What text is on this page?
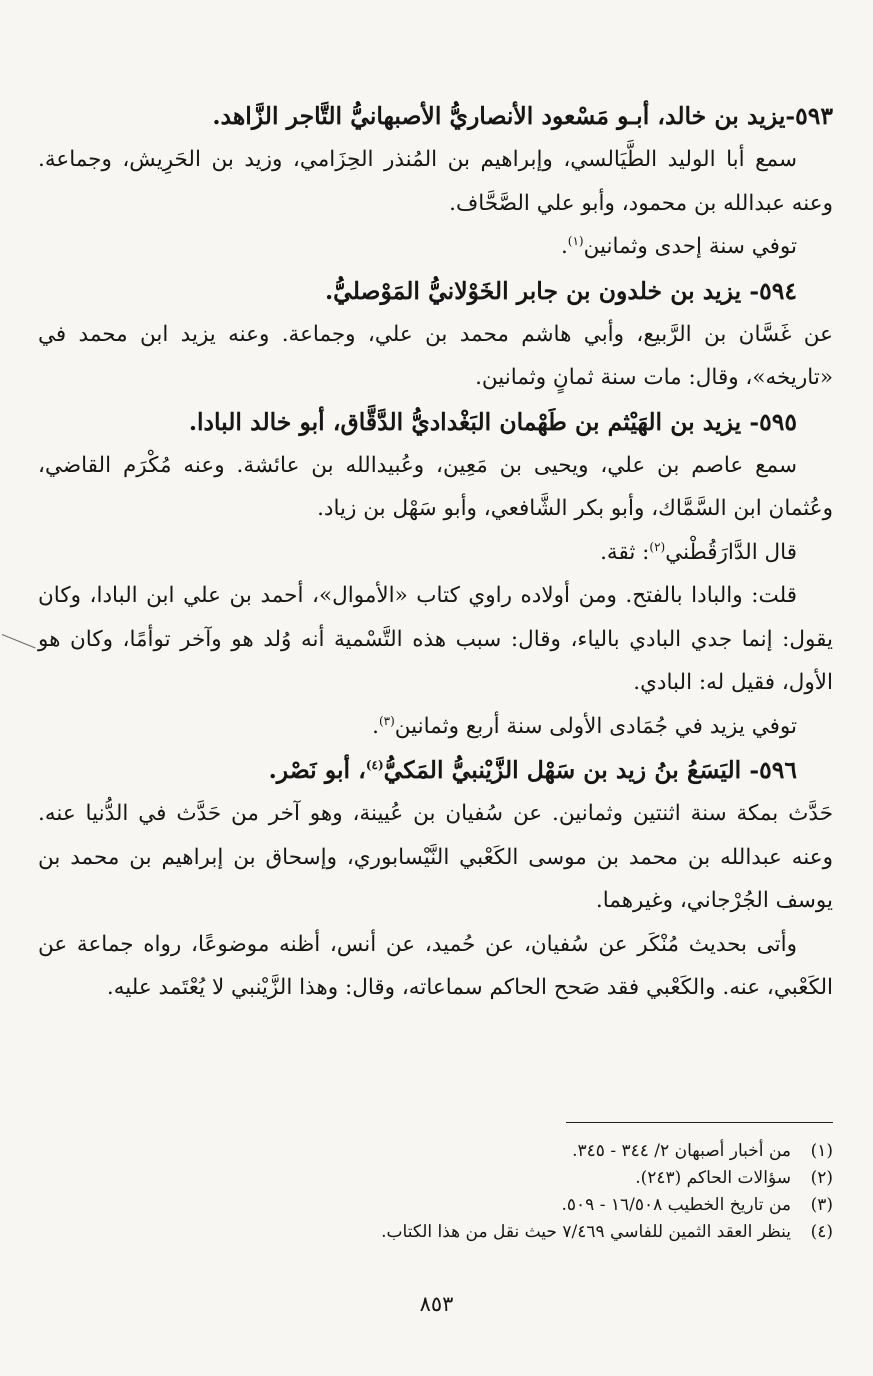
٥٩٣-يزيد بن خالد، أبـو مَسْعود الأنصاريُّ الأصبهانيُّ التَّاجر الزَّاهد.
سمع أبا الوليد الطَّيَالسي، وإبراهيم بن المُنذر الحِزَامي، وزيد بن الحَرِيش، وجماعة. وعنه عبدالله بن محمود، وأبو علي الصَّحَّاف.
توفي سنة إحدى وثمانين$^{(١)}$.
٥٩٤- يزيد بن خلدون بن جابر الخَوْلانيُّ المَوْصليُّ.
عن غَسَّان بن الرَّبيع، وأبي هاشم محمد بن علي، وجماعة. وعنه يزيد ابن محمد في «تاريخه»، وقال: مات سنة ثمانٍ وثمانين.
٥٩٥- يزيد بن الهَيْثم بن طَهْمان البَغْداديُّ الدَّقَّاق، أبو خالد البادا.
سمع عاصم بن علي، ويحيى بن مَعِين، وعُبيدالله بن عائشة. وعنه مُكْرَم القاضي، وعُثمان ابن السَّمَّاك، وأبو بكر الشَّافعي، وأبو سَهْل بن زياد.
قال الدَّارَقُطْني$^{(٢)}$: ثقة.
قلت: والبادا بالفتح. ومن أولاده راوي كتاب «الأموال»، أحمد بن علي ابن البادا، وكان يقول: إنما جدي البادي بالياء، وقال: سبب هذه التَّسْمية أنه وُلد هو وآخر توأمًا، وكان هو الأول، فقيل له: البادي.
توفي يزيد في جُمَادى الأولى سنة أربع وثمانين$^{(٣)}$.
٥٩٦- اليَسَعُ بنُ زيد بن سَهْل الزَّيْنبيُّ المَكيُّ$^{(٤)}$، أبو نَصْر.
حَدَّث بمكة سنة اثنتين وثمانين. عن سُفيان بن عُيينة، وهو آخر من حَدَّث في الدُّنيا عنه. وعنه عبدالله بن محمد بن موسى الكَعْبي النَّيْسابوري، وإسحاق بن إبراهيم بن محمد بن يوسف الجُرْجاني، وغيرهما.
وأتى بحديث مُنْكَر عن سُفيان، عن حُميد، عن أنس، أظنه موضوعًا، رواه جماعة عن الكَعْبي، عنه. والكَعْبي فقد صَحح الحاكم سماعاته، وقال: وهذا الزَّيْنبي لا يُعْتَمد عليه.
(١)
من أخبار أصبهان ٢/ ٣٤٤ - ٣٤٥.
(٢)
سؤالات الحاكم (٢٤٣).
(٣)
من تاريخ الخطيب ١٦/٥٠٨ - ٥٠٩.
(٤)
ينظر العقد الثمين للفاسي ٧/٤٦٩ حيث نقل من هذا الكتاب.
٨٥٣
